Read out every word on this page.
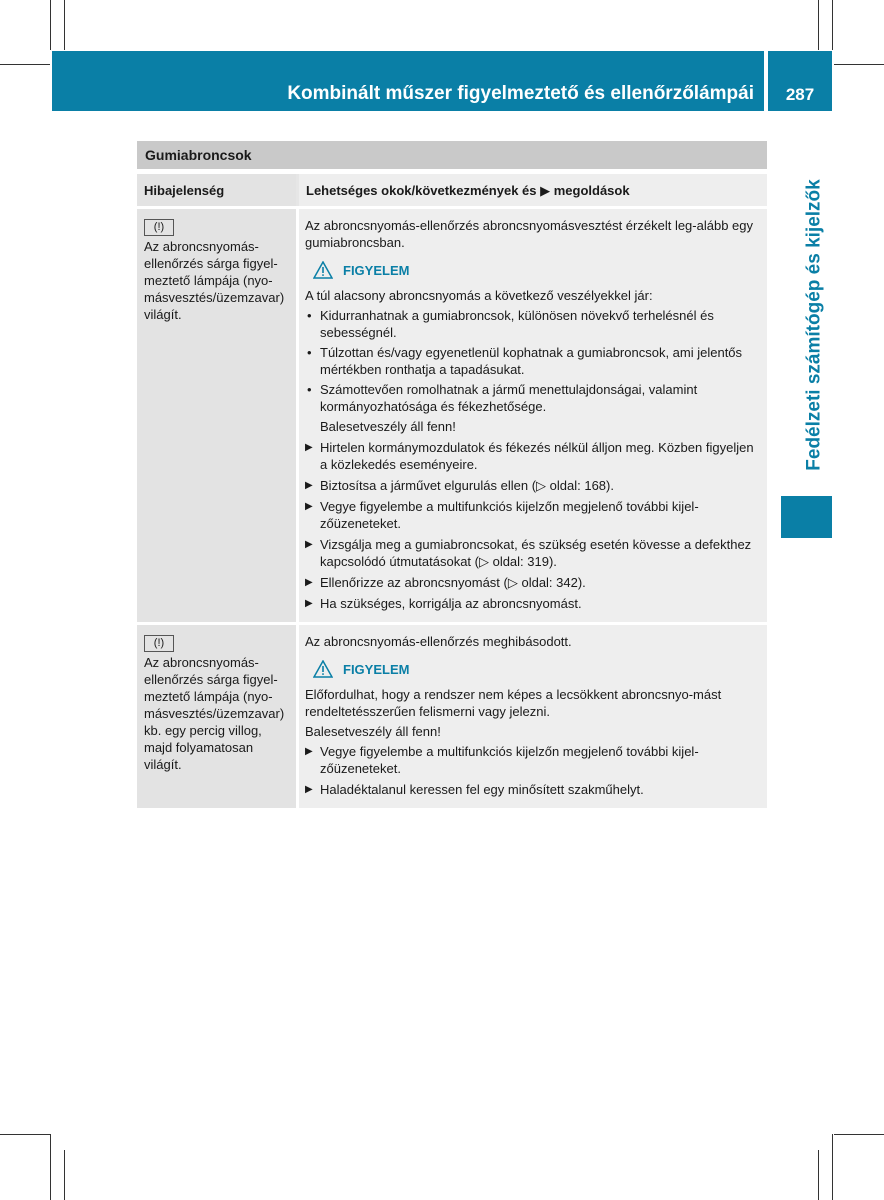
Kombinált műszer figyelmeztető és ellenőrzőlámpái	287
Fedélzeti számítógép és kijelzők
Gumiabroncsok
Hibajelenség	Lehetséges okok/következmények és ▶ megoldások
(!)

Az abroncsnyomás-ellenőrzés sárga figyel-meztető lámpája (nyo-másvesztés/üzemzavar) világít.

Az abroncsnyomás-ellenőrzés abroncsnyomásvesztést érzékelt leg-alább egy gumiabroncsban.

FIGYELEM

A túl alacsony abroncsnyomás a következő veszélyekkel jár:

• Kidurranhatnak a gumiabroncsok, különösen növekvő terhelésnél és sebességnél.
• Túlzottan és/vagy egyenetlenül kophatnak a gumiabroncsok, ami jelentős mértékben ronthatja a tapadásukat.
• Számottevően romolhatnak a jármű menettulajdonságai, valamint kormányozhatósága és fékezhetősége.
Balesetveszély áll fenn!
▶ Hirtelen kormánymozdulatok és fékezés nélkül álljon meg. Közben figyeljen a közlekedés eseményeire.
▶ Biztosítsa a járművet elgurulás ellen (▷ oldal: 168).
▶ Vegye figyelembe a multifunkciós kijelzőn megjelenő további kijel-zőüzeneteket.
▶ Vizsgálja meg a gumiabroncsokat, és szükség esetén kövesse a defekthez kapcsolódó útmutatásokat (▷ oldal: 319).
▶ Ellenőrizze az abroncsnyomást (▷ oldal: 342).
▶ Ha szükséges, korrigálja az abroncsnyomást.
(!)

Az abroncsnyomás-ellenőrzés sárga figyel-meztető lámpája (nyo-másvesztés/üzemzavar) kb. egy percig villog, majd folyamatosan világít.

Az abroncsnyomás-ellenőrzés meghibásodott.

FIGYELEM

Előfordulhat, hogy a rendszer nem képes a lecsökkent abroncsnyo-mást rendeltetésszerűen felismerni vagy jelezni.

Balesetveszély áll fenn!

▶ Vegye figyelembe a multifunkciós kijelzőn megjelenő további kijel-zőüzeneteket.
▶ Haladéktalanul keressen fel egy minősített szakműhelyt.
